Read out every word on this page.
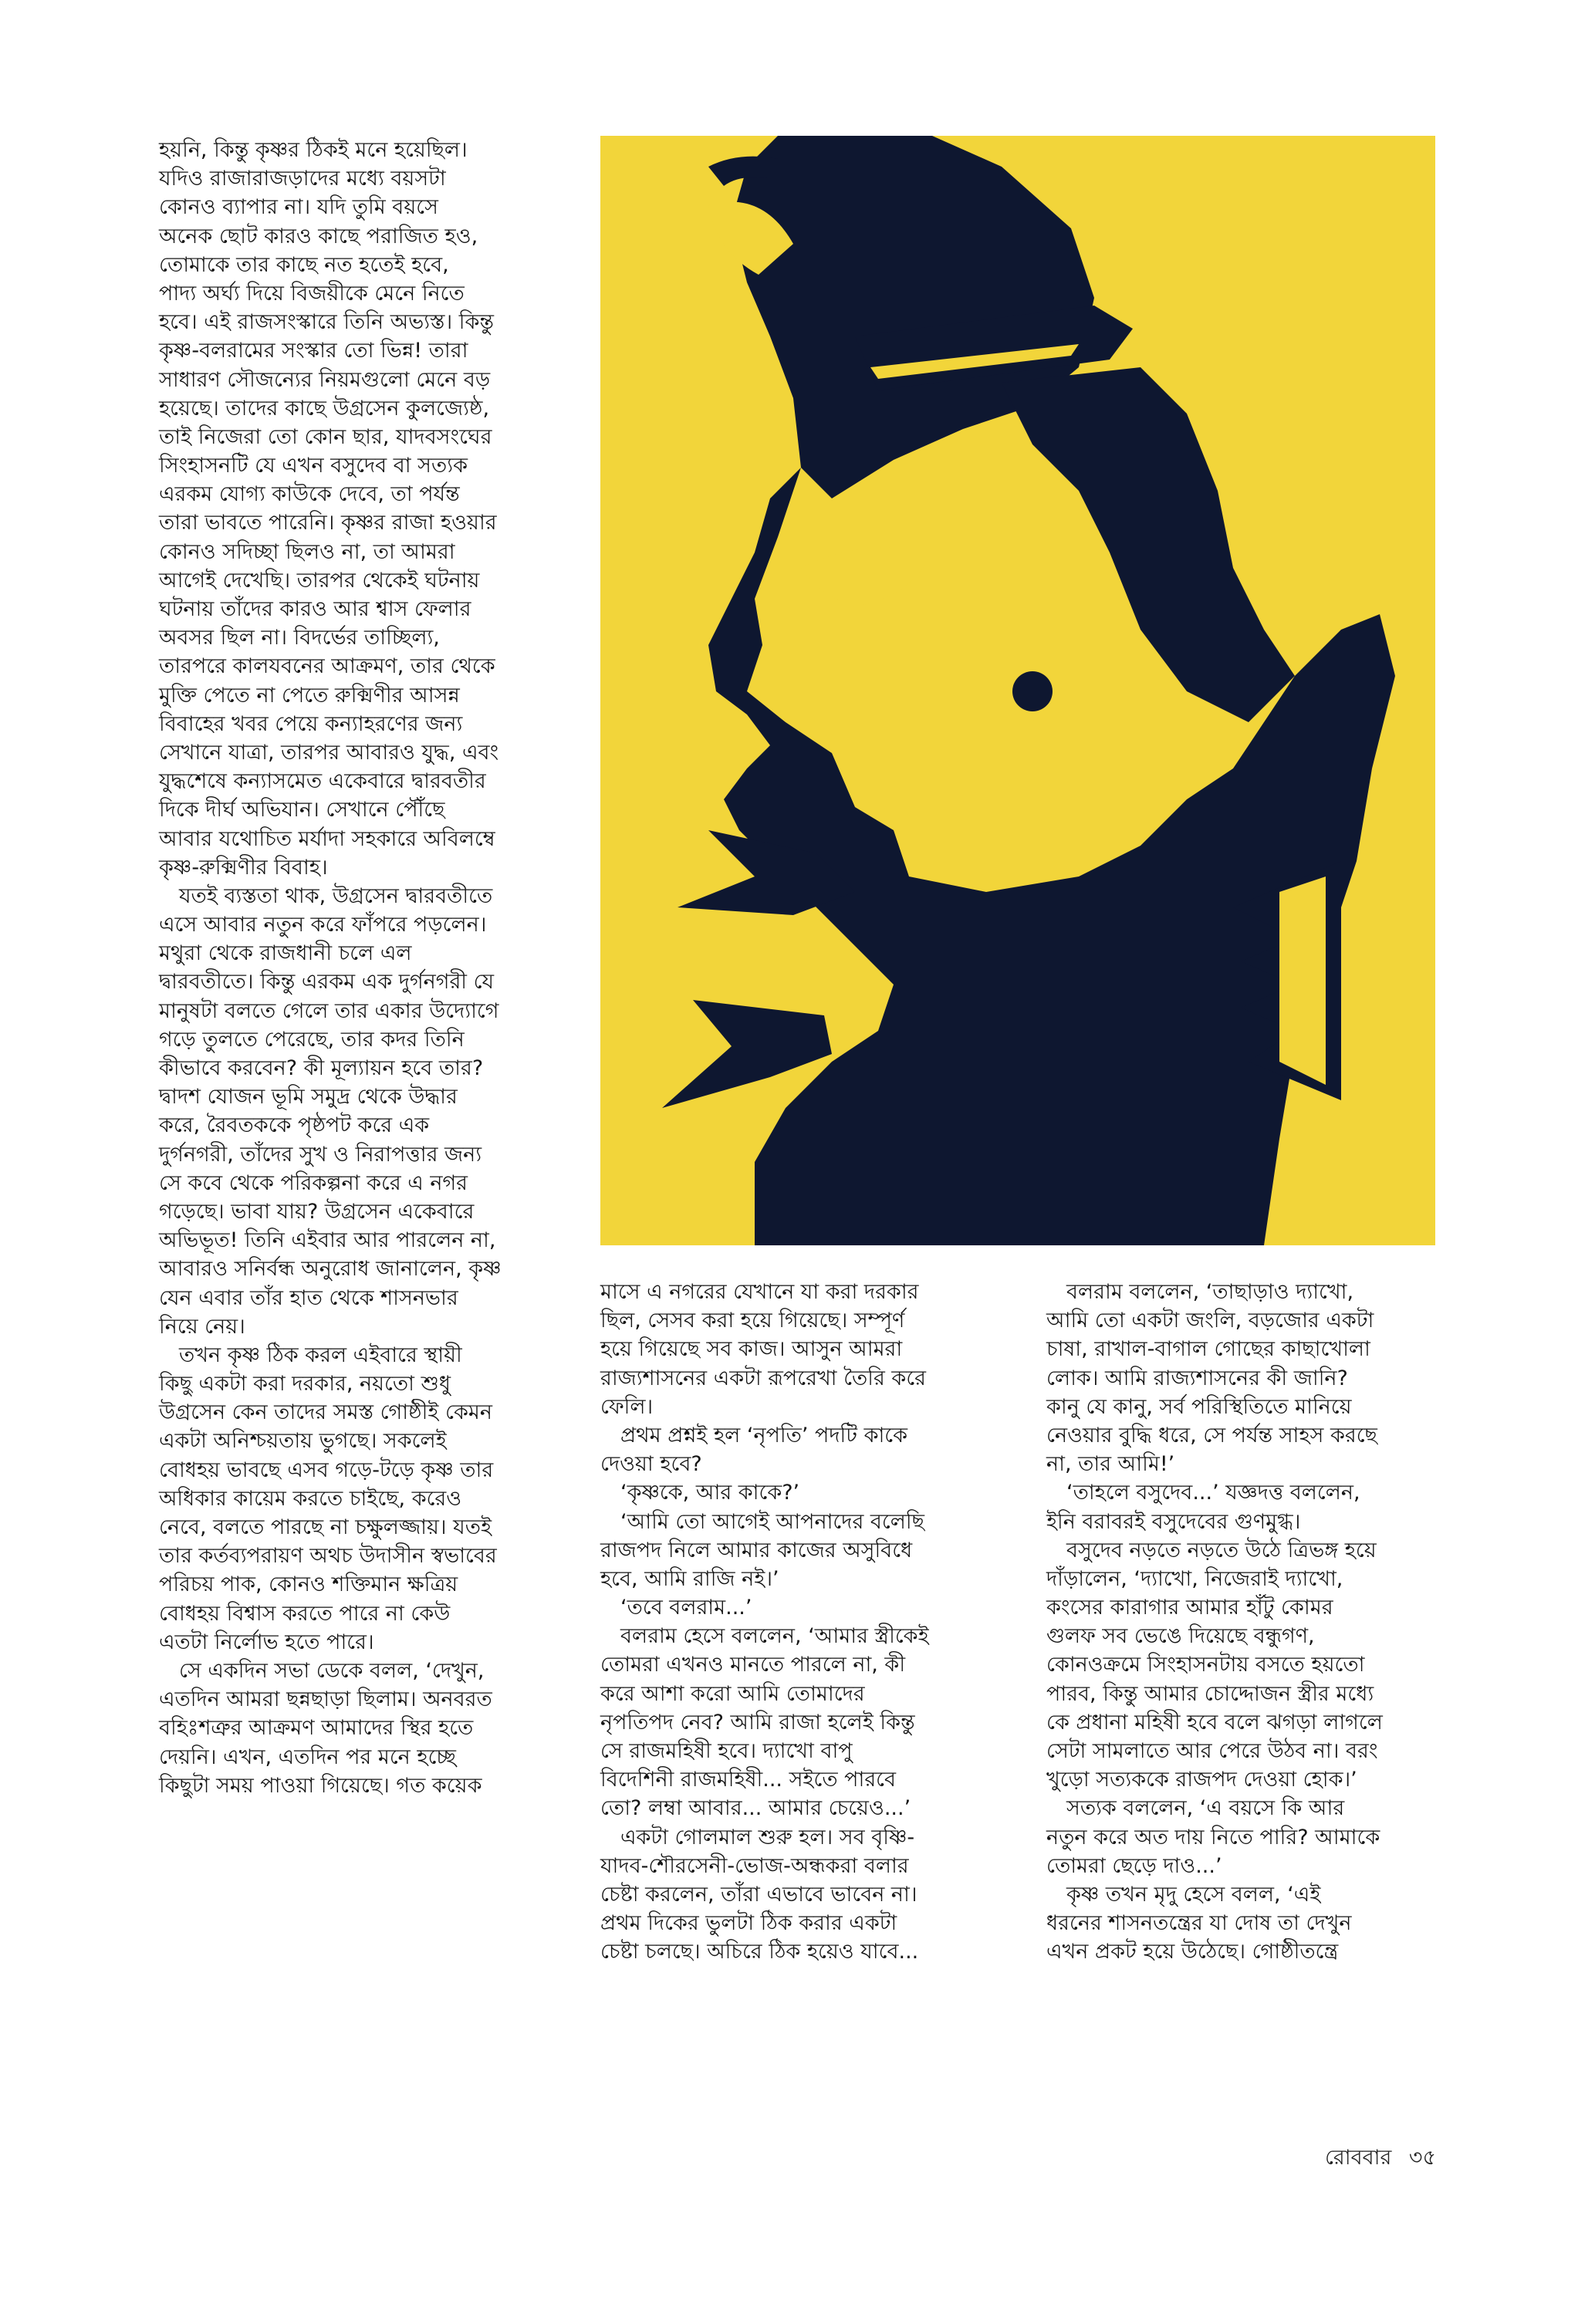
হয়নি, কিন্তু কৃষ্ণর ঠিকই মনে হয়েছিল।
যদিও রাজারাজড়াদের মধ্যে বয়সটা
কোনও ব্যাপার না। যদি তুমি বয়সে
অনেক ছোট কারও কাছে পরাজিত হও,
তোমাকে তার কাছে নত হতেই হবে,
পাদ্য অর্ঘ্য দিয়ে বিজয়ীকে মেনে নিতে
হবে। এই রাজসংস্কারে তিনি অভ্যস্ত। কিন্তু
কৃষ্ণ-বলরামের সংস্কার তো ভিন্ন! তারা
সাধারণ সৌজন্যের নিয়মগুলো মেনে বড়
হয়েছে। তাদের কাছে উগ্রসেন কুলজ্যেষ্ঠ,
তাই নিজেরা তো কোন ছার, যাদবসংঘের
সিংহাসনটি যে এখন বসুদেব বা সত্যক
এরকম যোগ্য কাউকে দেবে, তা পর্যন্ত
তারা ভাবতে পারেনি। কৃষ্ণর রাজা হওয়ার
কোনও সদিচ্ছা ছিলও না, তা আমরা
আগেই দেখেছি। তারপর থেকেই ঘটনায়
ঘটনায় তাঁদের কারও আর শ্বাস ফেলার
অবসর ছিল না। বিদর্ভের তাচ্ছিল্য,
তারপরে কালযবনের আক্রমণ, তার থেকে
মুক্তি পেতে না পেতে রুক্মিণীর আসন্ন
বিবাহের খবর পেয়ে কন্যাহরণের জন্য
সেখানে যাত্রা, তারপর আবারও যুদ্ধ, এবং
যুদ্ধশেষে কন্যাসমেত একেবারে দ্বারবতীর
দিকে দীর্ঘ অভিযান। সেখানে পৌঁছে
আবার যথোচিত মর্যাদা সহকারে অবিলম্বে
কৃষ্ণ-রুক্মিণীর বিবাহ।
যতই ব্যস্ততা থাক, উগ্রসেন দ্বারবতীতে
এসে আবার নতুন করে ফাঁপরে পড়লেন।
মথুরা থেকে রাজধানী চলে এল
দ্বারবতীতে। কিন্তু এরকম এক দুর্গনগরী যে
মানুষটা বলতে গেলে তার একার উদ্যোগে
গড়ে তুলতে পেরেছে, তার কদর তিনি
কীভাবে করবেন? কী মূল্যায়ন হবে তার?
দ্বাদশ যোজন ভূমি সমুদ্র থেকে উদ্ধার
করে, রৈবতককে পৃষ্ঠপট করে এক
দুর্গনগরী, তাঁদের সুখ ও নিরাপত্তার জন্য
সে কবে থেকে পরিকল্পনা করে এ নগর
গড়েছে। ভাবা যায়? উগ্রসেন একেবারে
অভিভূত! তিনি এইবার আর পারলেন না,
আবারও সনির্বন্ধ অনুরোধ জানালেন, কৃষ্ণ
যেন এবার তাঁর হাত থেকে শাসনভার
নিয়ে নেয়।
তখন কৃষ্ণ ঠিক করল এইবারে স্থায়ী
কিছু একটা করা দরকার, নয়তো শুধু
উগ্রসেন কেন তাদের সমস্ত গোষ্ঠীই কেমন
একটা অনিশ্চয়তায় ভুগছে। সকলেই
বোধহয় ভাবছে এসব গড়ে-টড়ে কৃষ্ণ তার
অধিকার কায়েম করতে চাইছে, করেও
নেবে, বলতে পারছে না চক্ষুলজ্জায়। যতই
তার কর্তব্যপরায়ণ অথচ উদাসীন স্বভাবের
পরিচয় পাক, কোনও শক্তিমান ক্ষত্রিয়
বোধহয় বিশ্বাস করতে পারে না কেউ
এতটা নির্লোভ হতে পারে।
সে একদিন সভা ডেকে বলল, ‘দেখুন,
এতদিন আমরা ছন্নছাড়া ছিলাম। অনবরত
বহিঃশত্রুর আক্রমণ আমাদের স্থির হতে
দেয়নি। এখন, এতদিন পর মনে হচ্ছে
কিছুটা সময় পাওয়া গিয়েছে। গত কয়েক
মাসে এ নগরের যেখানে যা করা দরকার
ছিল, সেসব করা হয়ে গিয়েছে। সম্পূর্ণ
হয়ে গিয়েছে সব কাজ। আসুন আমরা
রাজ্যশাসনের একটা রূপরেখা তৈরি করে
ফেলি।
প্রথম প্রশ্নই হল ‘নৃপতি’ পদটি কাকে
দেওয়া হবে?
‘কৃষ্ণকে, আর কাকে?’
‘আমি তো আগেই আপনাদের বলেছি
রাজপদ নিলে আমার কাজের অসুবিধে
হবে, আমি রাজি নই।’
‘তবে বলরাম...’
বলরাম হেসে বললেন, ‘আমার স্ত্রীকেই
তোমরা এখনও মানতে পারলে না, কী
করে আশা করো আমি তোমাদের
নৃপতিপদ নেব? আমি রাজা হলেই কিন্তু
সে রাজমহিষী হবে। দ্যাখো বাপু
বিদেশিনী রাজমহিষী... সইতে পারবে
তো? লম্বা আবার... আমার চেয়েও...’
একটা গোলমাল শুরু হল। সব বৃষ্ণি-
যাদব-শৌরসেনী-ভোজ-অন্ধকরা বলার
চেষ্টা করলেন, তাঁরা এভাবে ভাবেন না।
প্রথম দিকের ভুলটা ঠিক করার একটা
চেষ্টা চলছে। অচিরে ঠিক হয়েও যাবে...
বলরাম বললেন, ‘তাছাড়াও দ্যাখো,
আমি তো একটা জংলি, বড়জোর একটা
চাষা, রাখাল-বাগাল গোছের কাছাখোলা
লোক। আমি রাজ্যশাসনের কী জানি?
কানু যে কানু, সর্ব পরিস্থিতিতে মানিয়ে
নেওয়ার বুদ্ধি ধরে, সে পর্যন্ত সাহস করছে
না, তার আমি!’
‘তাহলে বসুদেব...’ যজ্ঞদত্ত বললেন,
ইনি বরাবরই বসুদেবের গুণমুগ্ধ।
বসুদেব নড়তে নড়তে উঠে ত্রিভঙ্গ হয়ে
দাঁড়ালেন, ‘দ্যাখো, নিজেরাই দ্যাখো,
কংসের কারাগার আমার হাঁটু কোমর
গুলফ সব ভেঙে দিয়েছে বন্ধুগণ,
কোনওক্রমে সিংহাসনটায় বসতে হয়তো
পারব, কিন্তু আমার চোদ্দোজন স্ত্রীর মধ্যে
কে প্রধানা মহিষী হবে বলে ঝগড়া লাগলে
সেটা সামলাতে আর পেরে উঠব না। বরং
খুড়ো সত্যককে রাজপদ দেওয়া হোক।’
সত্যক বললেন, ‘এ বয়সে কি আর
নতুন করে অত দায় নিতে পারি? আমাকে
তোমরা ছেড়ে দাও...’
কৃষ্ণ তখন মৃদু হেসে বলল, ‘এই
ধরনের শাসনতন্ত্রের যা দোষ তা দেখুন
এখন প্রকট হয়ে উঠেছে। গোষ্ঠীতন্ত্রে
রোববার ৩৫
